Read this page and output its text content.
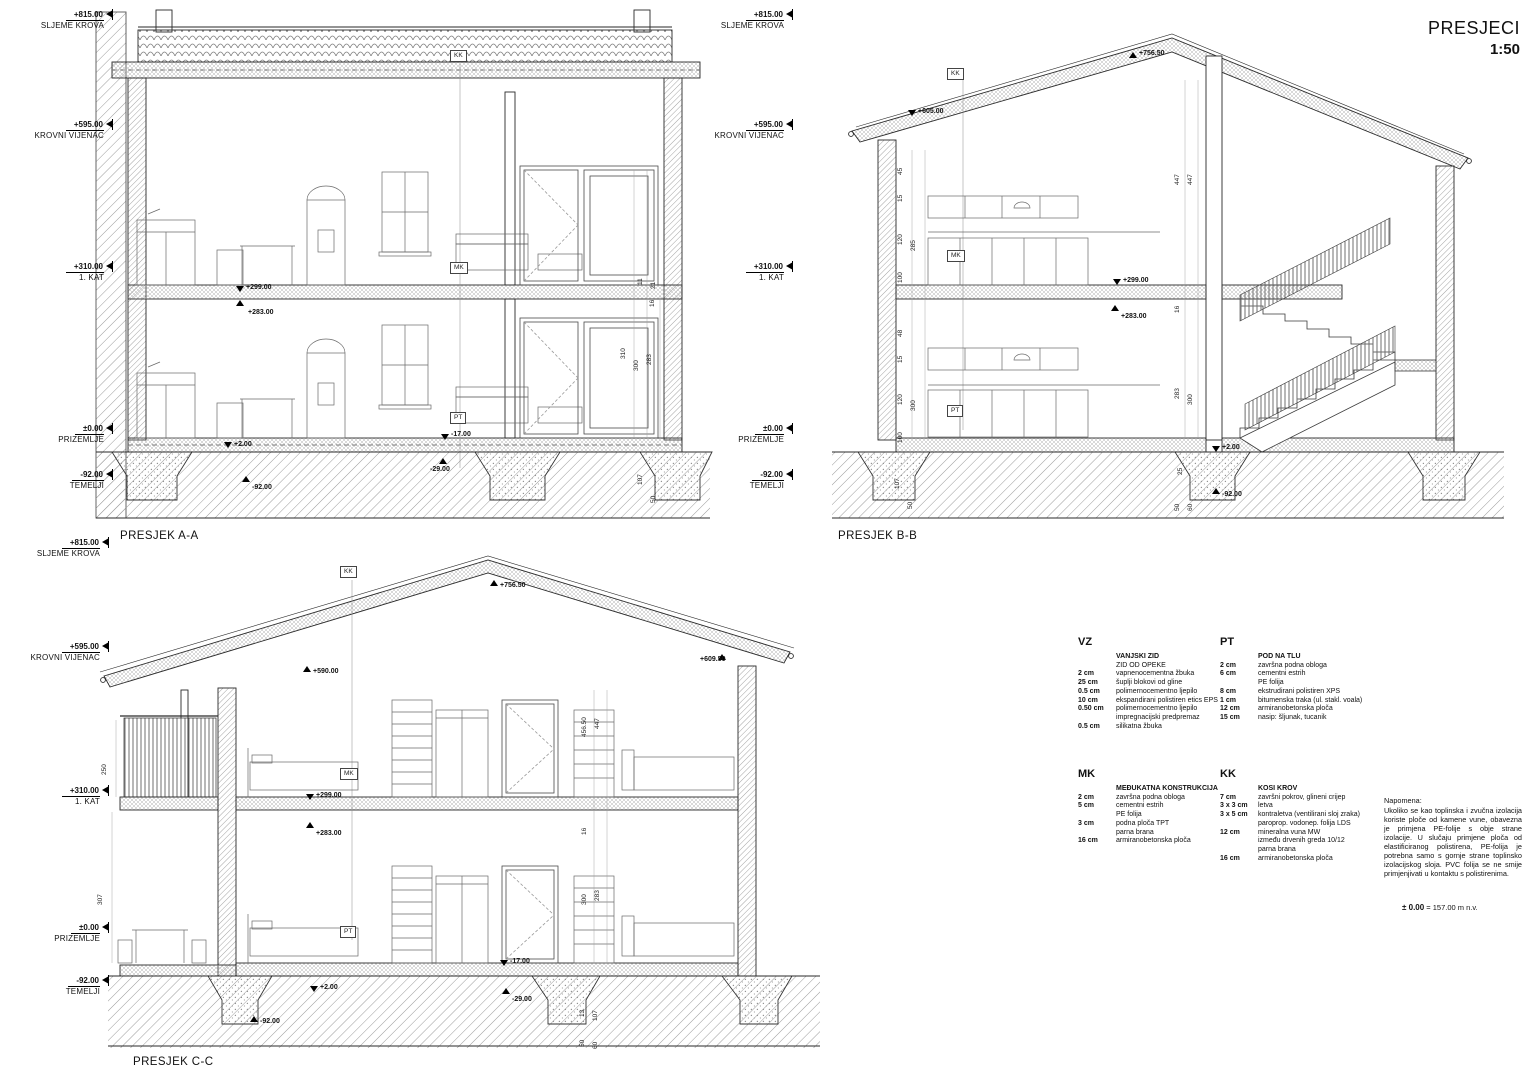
PRESJECI
1:50
+815.00
SLJEME KROVA
+595.00
KROVNI VIJENAC
+310.00
1. KAT
±0.00
PRIZEMLJE
-92.00
TEMELJI
+815.00
SLJEME KROVA
+595.00
KROVNI VIJENAC
+310.00
1. KAT
±0.00
PRIZEMLJE
-92.00
TEMELJI
+815.00
SLJEME KROVA
+595.00
KROVNI VIJENAC
+310.00
1. KAT
±0.00
PRIZEMLJE
-92.00
TEMELJI
PRESJEK A-A	PRESJEK B-B
PRESJEK C-C
KK
MK
PT
KK
MK
PT
KK
MK
PT
+299.00
+283.00
+2.00
-17.00
-29.00
-92.00
310
300
283
16
107
50
11
21
+605.00
+756.50
+299.00
+283.00
+2.00
-92.00
45
15
120
285
100
48
15
120
300
100
107
50
447 447
16
283
300
25
50 60
+756.50
+590.00
+609.50
+299.00
+283.00
+2.00
-17.00
-29.00
-92.00
250
307
456.50 447
16
300 283
13 107
50 60
VZ
	VANJSKI ZID
	ZID OD OPEKE
2 cm	vapnenocementna žbuka
25 cm	šuplji blokovi od gline
0.5 cm	polimernocementno ljepilo
10 cm	ekspandirani polistiren etics EPS
0.50 cm	polimernocementno ljepilo
	impregnacijski predpremaz
0.5 cm	silikatna žbuka
PT
	POD NA TLU
2 cm	završna podna obloga
6 cm	cementni estrih
	PE folija
8 cm	ekstrudirani polistiren XPS
1 cm	bitumenska traka (ul. stakl. voala)
12 cm	armiranobetonska ploča
15 cm	nasip: šljunak, tucanik
MK
	MEĐUKATNA KONSTRUKCIJA
2 cm	završna podna obloga
5 cm	cementni estrih
	PE folija
3 cm	podna ploča TPT
	parna brana
16 cm	armiranobetonska ploča
KK
	KOSI KROV
7 cm	završni pokrov, glineni crijep
3 x 3 cm	letva
3 x 5 cm	kontraletva (ventilirani sloj zraka)
	paroprop. vodonep. folija LDS
12 cm	mineralna vuna MW
	između drvenih greda 10/12
	parna brana
16 cm	armiranobetonska ploča
Napomena:
Ukoliko se kao toplinska i zvučna izolacija koriste ploče od kamene vune, obavezna je primjena PE-folije s obje strane izolacije. U slučaju primjene ploča od elastificiranog polistirena, PE-folija je potrebna samo s gornje strane toplinsko izolacijskog sloja. PVC folija se ne smije primjenjivati u kontaktu s polistirenima.
± 0.00 = 157.00 m n.v.
